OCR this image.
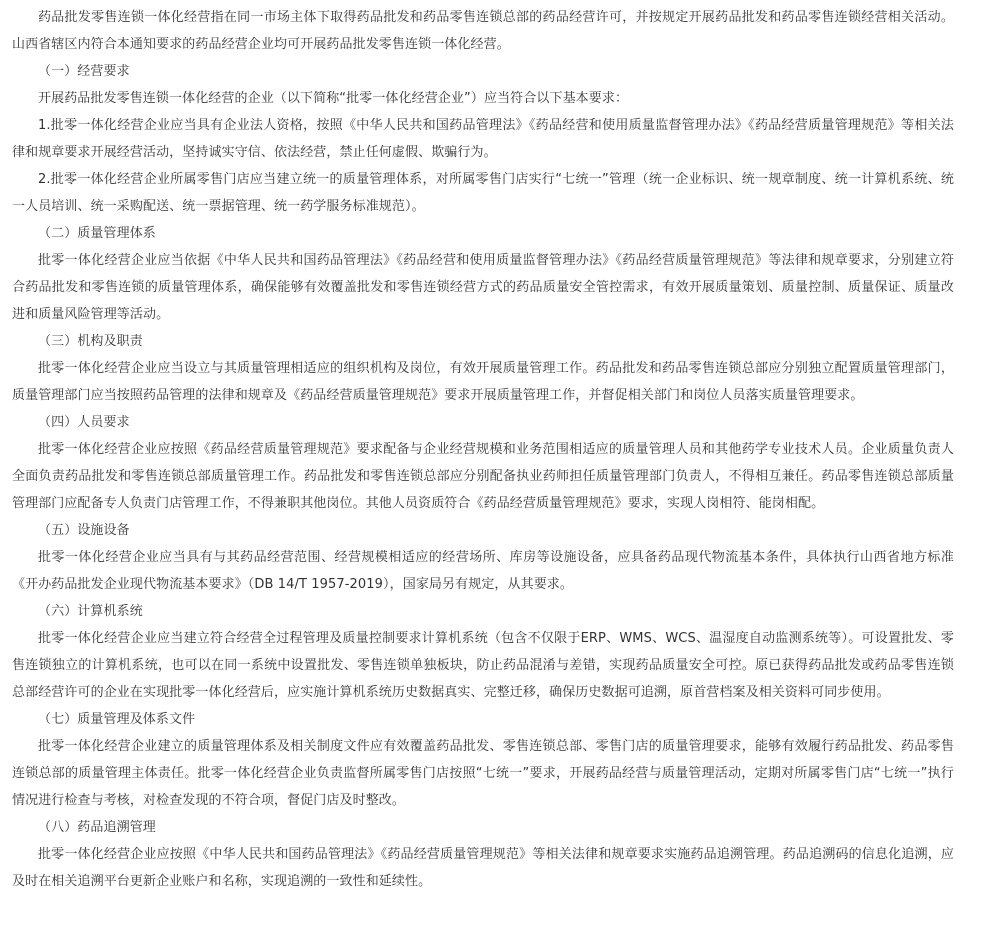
药品批发零售连锁一体化经营指在同一市场主体下取得药品批发和药品零售连锁总部的药品经营许可，并按规定开展药品批发和药品零售连锁经营相关活动。山西省辖区内符合本通知要求的药品经营企业均可开展药品批发零售连锁一体化经营。

（一）经营要求

开展药品批发零售连锁一体化经营的企业（以下简称“批零一体化经营企业”）应当符合以下基本要求：

1.批零一体化经营企业应当具有企业法人资格，按照《中华人民共和国药品管理法》《药品经营和使用质量监督管理办法》《药品经营质量管理规范》等相关法律和规章要求开展经营活动，坚持诚实守信、依法经营，禁止任何虚假、欺骗行为。

2.批零一体化经营企业所属零售门店应当建立统一的质量管理体系，对所属零售门店实行“七统一”管理（统一企业标识、统一规章制度、统一计算机系统、统一人员培训、统一采购配送、统一票据管理、统一药学服务标准规范）。

（二）质量管理体系

批零一体化经营企业应当依据《中华人民共和国药品管理法》《药品经营和使用质量监督管理办法》《药品经营质量管理规范》等法律和规章要求，分别建立符合药品批发和零售连锁的质量管理体系，确保能够有效覆盖批发和零售连锁经营方式的药品质量安全管控需求，有效开展质量策划、质量控制、质量保证、质量改进和质量风险管理等活动。

（三）机构及职责

批零一体化经营企业应当设立与其质量管理相适应的组织机构及岗位，有效开展质量管理工作。药品批发和药品零售连锁总部应分别独立配置质量管理部门，质量管理部门应当按照药品管理的法律和规章及《药品经营质量管理规范》要求开展质量管理工作，并督促相关部门和岗位人员落实质量管理要求。

（四）人员要求

批零一体化经营企业应按照《药品经营质量管理规范》要求配备与企业经营规模和业务范围相适应的质量管理人员和其他药学专业技术人员。企业质量负责人全面负责药品批发和零售连锁总部质量管理工作。药品批发和零售连锁总部应分别配备执业药师担任质量管理部门负责人，不得相互兼任。药品零售连锁总部质量管理部门应配备专人负责门店管理工作，不得兼职其他岗位。其他人员资质符合《药品经营质量管理规范》要求，实现人岗相符、能岗相配。

（五）设施设备

批零一体化经营企业应当具有与其药品经营范围、经营规模相适应的经营场所、库房等设施设备，应具备药品现代物流基本条件，具体执行山西省地方标准《开办药品批发企业现代物流基本要求》（DB 14/T 1957-2019），国家局另有规定，从其要求。

（六）计算机系统

批零一体化经营企业应当建立符合经营全过程管理及质量控制要求计算机系统（包含不仅限于ERP、WMS、WCS、温湿度自动监测系统等）。可设置批发、零售连锁独立的计算机系统，也可以在同一系统中设置批发、零售连锁单独板块，防止药品混淆与差错，实现药品质量安全可控。原已获得药品批发或药品零售连锁总部经营许可的企业在实现批零一体化经营后，应实施计算机系统历史数据真实、完整迁移，确保历史数据可追溯，原首营档案及相关资料可同步使用。

（七）质量管理及体系文件

批零一体化经营企业建立的质量管理体系及相关制度文件应有效覆盖药品批发、零售连锁总部、零售门店的质量管理要求，能够有效履行药品批发、药品零售连锁总部的质量管理主体责任。批零一体化经营企业负责监督所属零售门店按照“七统一”要求，开展药品经营与质量管理活动，定期对所属零售门店“七统一”执行情况进行检查与考核，对检查发现的不符合项，督促门店及时整改。

（八）药品追溯管理

批零一体化经营企业应按照《中华人民共和国药品管理法》《药品经营质量管理规范》等相关法律和规章要求实施药品追溯管理。药品追溯码的信息化追溯，应及时在相关追溯平台更新企业账户和名称，实现追溯的一致性和延续性。
